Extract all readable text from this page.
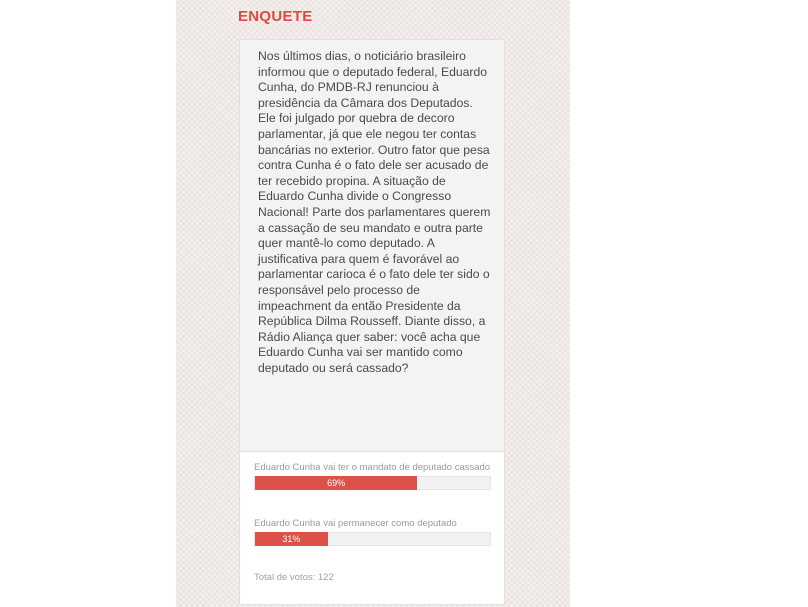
ENQUETE

Nos últimos dias, o noticiário brasileiro informou que o deputado federal, Eduardo Cunha, do PMDB-RJ renunciou à presidência da Câmara dos Deputados. Ele foi julgado por quebra de decoro parlamentar, já que ele negou ter contas bancárias no exterior. Outro fator que pesa contra Cunha é o fato dele ser acusado de ter recebido propina. A situação de Eduardo Cunha divide o Congresso Nacional! Parte dos parlamentares querem a cassação de seu mandato e outra parte quer mantê-lo como deputado. A justificativa para quem é favorável ao parlamentar carioca é o fato dele ter sido o responsável pelo processo de impeachment da então Presidente da República Dilma Rousseff. Diante disso, a Rádio Aliança quer saber: você acha que Eduardo Cunha vai ser mantido como deputado ou será cassado?

Eduardo Cunha vai ter o mandato de deputado cassado

69%

Eduardo Cunha vai permanecer como deputado

31%

Total de votos: 122
